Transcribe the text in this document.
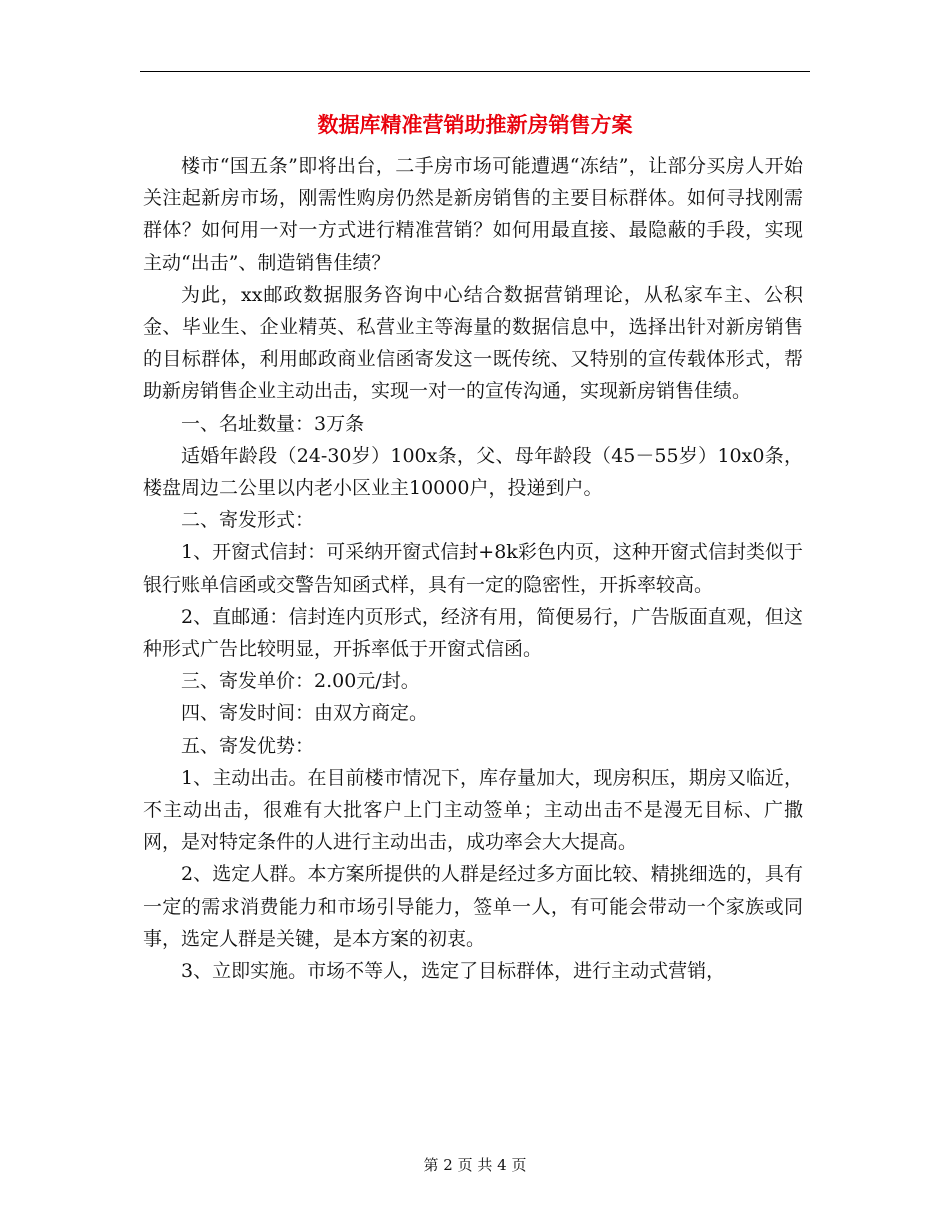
数据库精准营销助推新房销售方案

楼市“国五条”即将出台，二手房市场可能遭遇“冻结”，让部分买房人开始关注起新房市场，刚需性购房仍然是新房销售的主要目标群体。如何寻找刚需群体？如何用一对一方式进行精准营销？如何用最直接、最隐蔽的手段，实现主动“出击”、制造销售佳绩？

为此，xx邮政数据服务咨询中心结合数据营销理论，从私家车主、公积金、毕业生、企业精英、私营业主等海量的数据信息中，选择出针对新房销售的目标群体，利用邮政商业信函寄发这一既传统、又特别的宣传载体形式，帮助新房销售企业主动出击，实现一对一的宣传沟通，实现新房销售佳绩。

一、名址数量：3万条

适婚年龄段（24-30岁）100x条，父、母年龄段（45－55岁）10x0条，楼盘周边二公里以内老小区业主10000户，投递到户。

二、寄发形式：

1、开窗式信封：可采纳开窗式信封+8k彩色内页，这种开窗式信封类似于银行账单信函或交警告知函式样，具有一定的隐密性，开拆率较高。

2、直邮通：信封连内页形式，经济有用，简便易行，广告版面直观，但这种形式广告比较明显，开拆率低于开窗式信函。

三、寄发单价：2.00元/封。

四、寄发时间：由双方商定。

五、寄发优势：

1、主动出击。在目前楼市情况下，库存量加大，现房积压，期房又临近，不主动出击，很难有大批客户上门主动签单；主动出击不是漫无目标、广撒网，是对特定条件的人进行主动出击，成功率会大大提高。

2、选定人群。本方案所提供的人群是经过多方面比较、精挑细选的，具有一定的需求消费能力和市场引导能力，签单一人，有可能会带动一个家族或同事，选定人群是关键，是本方案的初衷。

3、立即实施。市场不等人，选定了目标群体，进行主动式营销，

第 2 页 共 4 页
